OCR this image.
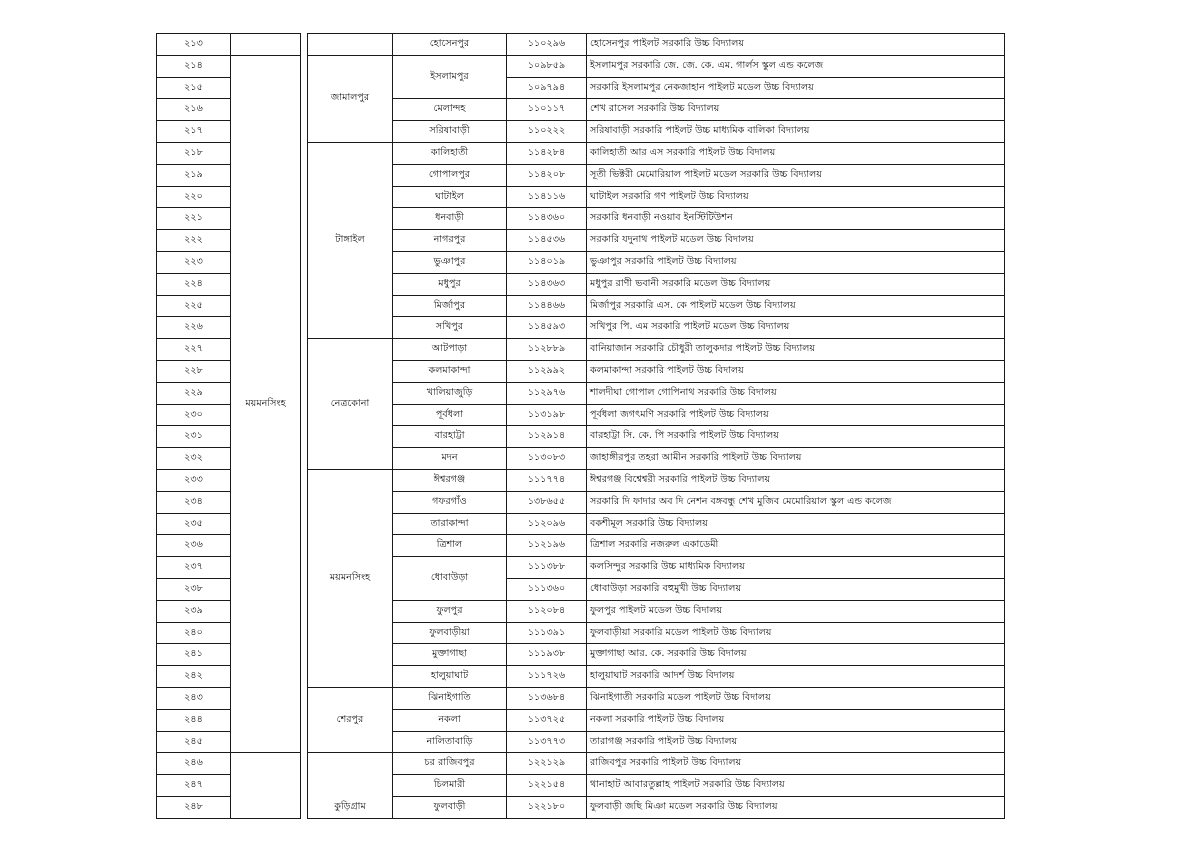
২১৩				হোসেনপুর	১১০২৯৬	হোসেনপুর পাইলট সরকারি উচ্চ বিদ্যালয়
২১৪	ময়মনসিংহ		জামালপুর	ইসলামপুর	১০৯৮৫৯	ইসলামপুর সরকারি জে. জে. কে. এম. গার্লস স্কুল এন্ড কলেজ
২১৫					১০৯৭৯৪	সরকারি ইসলামপুর নেকজাহান পাইলট মডেল উচ্চ বিদ্যালয়
২১৬				মেলান্দহ	১১০১১৭	শেখ রাসেল সরকারি উচ্চ বিদ্যালয়
২১৭				সরিষাবাড়ী	১১০২২২	সরিষাবাড়ী সরকারি পাইলট উচ্চ মাধ্যমিক বালিকা বিদ্যালয়
২১৮			টাঙ্গাইল	কালিহাতী	১১৪২৮৪	কালিহাতী আর এস সরকারি পাইলট উচ্চ বিদালয়
২১৯				গোপালপুর	১১৪২০৮	সূতী ভিক্টরী মেমোরিয়াল পাইলট মডেল সরকারি উচ্চ বিদ্যালয়
২২০				ঘাটাইল	১১৪১১৬	ঘাটাইল সরকারি গণ পাইলট উচ্চ বিদ্যালয়
২২১				ধনবাড়ী	১১৪৩৬০	সরকারি ধনবাড়ী নওয়াব ইনস্টিটিউশন
২২২				নাগরপুর	১১৪৫৩৬	সরকারি যদুনাথ পাইলট মডেল উচ্চ বিদালয়
২২৩				ভুঞাপুর	১১৪০১৯	ভুঞাপুর সরকারি পাইলট উচ্চ বিদ্যালয়
২২৪				মধুপুর	১১৪৩৬৩	মধুপুর রাণী ভবানী সরকারি মডেল উচ্চ বিদ্যালয়
২২৫				মির্জাপুর	১১৪৪৬৬	মির্জাপুর সরকারি এস. কে পাইলট মডেল উচ্চ বিদ্যালয়
২২৬				সখিপুর	১১৪৫৯৩	সখিপুর পি. এম সরকারি পাইলট মডেল উচ্চ বিদ্যালয়
২২৭			নেত্রকোনা	আটপাড়া	১১২৮৮৯	বানিয়াজান সরকারি চৌধুরী তালুকদার পাইলট উচ্চ বিদ্যালয়
২২৮				কলমাকান্দা	১১২৯৯২	কলমাকান্দা সরকারি পাইলট উচ্চ বিদালয়
২২৯				খালিয়াজুড়ি	১১২৯৭৬	শালদীঘা গোপাল গোপিনাথ সরকারি উচ্চ বিদালয়
২৩০				পূর্বধলা	১১৩১৯৮	পূর্বধলা জগৎমণি সরকারি পাইলট উচ্চ বিদ্যালয়
২৩১				বারহাট্টা	১১২৯১৪	বারহাট্টা সি. কে. পি সরকারি পাইলট উচ্চ বিদ্যালয়
২৩২				মদন	১১৩০৮৩	জাহাঙ্গীরপুর তহরা আমীন সরকারি পাইলট উচ্চ বিদ্যালয়
২৩৩			ময়মনসিংহ	ঈশ্বরগঞ্জ	১১১৭৭৪	ঈশ্বরগঞ্জ বিশ্বেশ্বরী সরকারি পাইলট উচ্চ বিদ্যালয়
২৩৪				গফরগাঁও	১৩৮৬৫৫	সরকারি দি ফাদার অব দি নেশন বঙ্গবন্ধু শেখ মুজিব মেমোরিয়াল স্কুল এন্ড কলেজ
২৩৫				তারাকান্দা	১১২০৯৬	বকশীমূল সরকারি উচ্চ বিদ্যালয়
২৩৬				ত্রিশাল	১১২১৯৬	ত্রিশাল সরকারি নজরুল একাডেমী
২৩৭				ধোবাউড়া	১১১৩৮৮	কলসিন্দুর সরকারি উচ্চ মাধ্যমিক বিদ্যালয়
২৩৮					১১১৩৬০	ধোবাউড়া সরকারি বহুমুখী উচ্চ বিদ্যালয়
২৩৯				ফুলপুর	১১২০৮৪	ফুলপুর পাইলট মডেল উচ্চ বিদালয়
২৪০				ফুলবাড়ীয়া	১১১৩৯১	ফুলবাড়ীয়া সরকারি মডেল পাইলট উচ্চ বিদ্যালয়
২৪১				মুক্তাগাছা	১১১৯৩৮	মুক্তাগাছা আর. কে. সরকারি উচ্চ বিদালয়
২৪২				হালুয়াঘাট	১১১৭২৬	হালুয়াঘাট সরকারি আদর্শ উচ্চ বিদালয়
২৪৩			শেরপুর	ঝিনাইগাতি	১১৩৬৮৪	ঝিনাইগাতী সরকারি মডেল পাইলট উচ্চ বিদালয়
২৪৪				নকলা	১১৩৭২৫	নকলা সরকারি পাইলট উচ্চ বিদালয়
২৪৫				নালিতাবাড়ি	১১৩৭৭৩	তারাগঞ্জ সরকারি পাইলট উচ্চ বিদ্যালয়
২৪৬			কুড়িগ্রাম	চর রাজিবপুর	১২২১২৯	রাজিবপুর সরকারি পাইলট উচ্চ বিদ্যালয়
২৪৭				চিলমারী	১২২১৫৪	থানাহাট আবারতুল্লাহ পাইলট সরকারি উচ্চ বিদ্যালয়
২৪৮				ফুলবাড়ী	১২২১৮০	ফুলবাড়ী জছি মিঞা মডেল সরকারি উচ্চ বিদ্যালয়
